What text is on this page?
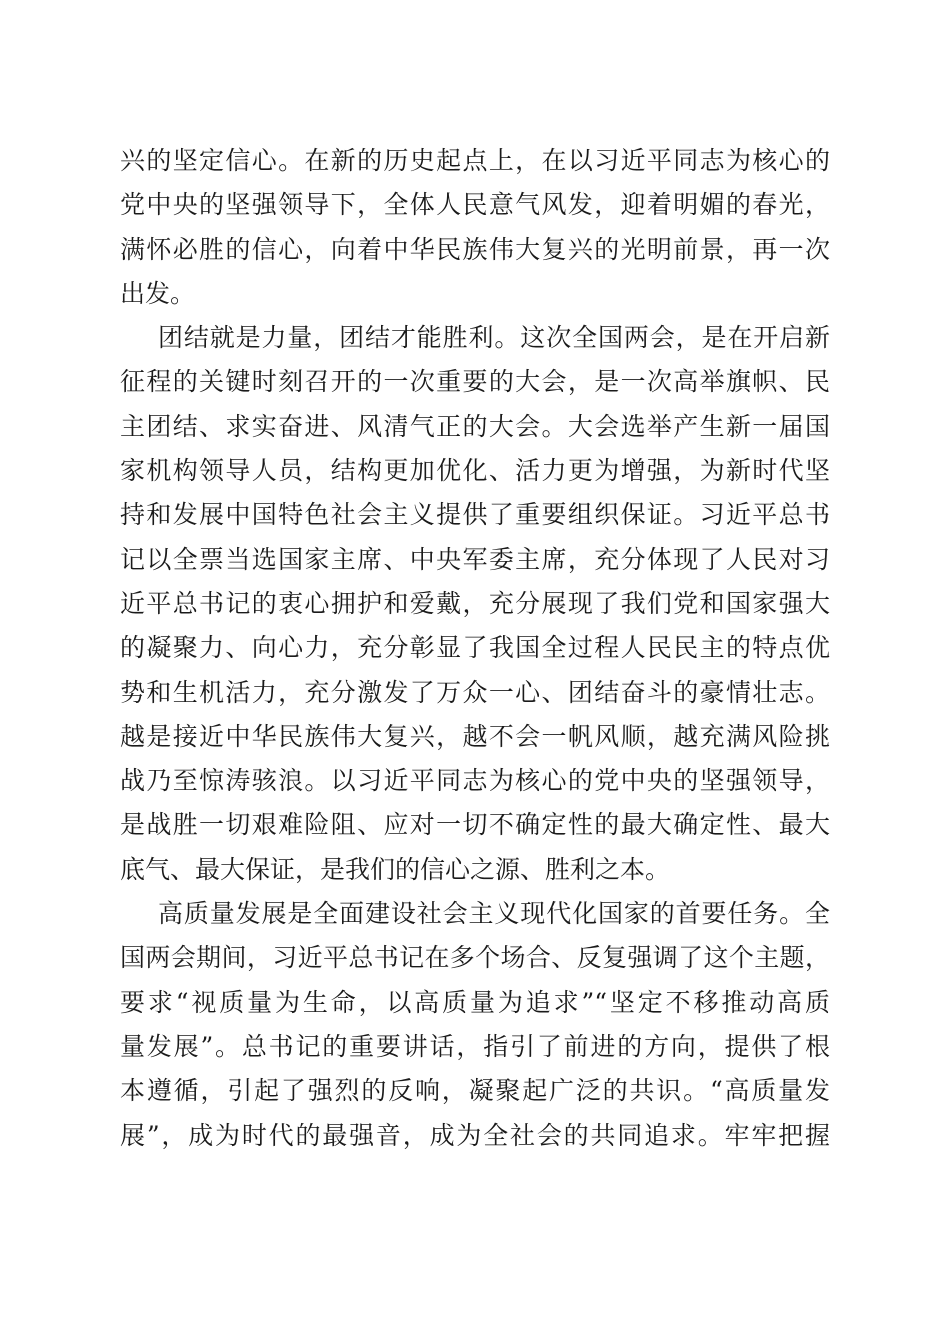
兴的坚定信心。在新的历史起点上，在以习近平同志为核心的
党中央的坚强领导下，全体人民意气风发，迎着明媚的春光，
满怀必胜的信心，向着中华民族伟大复兴的光明前景，再一次
出发。
团结就是力量，团结才能胜利。这次全国两会，是在开启新
征程的关键时刻召开的一次重要的大会，是一次高举旗帜、民
主团结、求实奋进、风清气正的大会。大会选举产生新一届国
家机构领导人员，结构更加优化、活力更为增强，为新时代坚
持和发展中国特色社会主义提供了重要组织保证。习近平总书
记以全票当选国家主席、中央军委主席，充分体现了人民对习
近平总书记的衷心拥护和爱戴，充分展现了我们党和国家强大
的凝聚力、向心力，充分彰显了我国全过程人民民主的特点优
势和生机活力，充分激发了万众一心、团结奋斗的豪情壮志。
越是接近中华民族伟大复兴，越不会一帆风顺，越充满风险挑
战乃至惊涛骇浪。以习近平同志为核心的党中央的坚强领导，
是战胜一切艰难险阻、应对一切不确定性的最大确定性、最大
底气、最大保证，是我们的信心之源、胜利之本。
高质量发展是全面建设社会主义现代化国家的首要任务。全
国两会期间，习近平总书记在多个场合、反复强调了这个主题，
要求“视质量为生命，以高质量为追求”“坚定不移推动高质
量发展”。总书记的重要讲话，指引了前进的方向，提供了根
本遵循，引起了强烈的反响，凝聚起广泛的共识。“高质量发
展”，成为时代的最强音，成为全社会的共同追求。牢牢把握
